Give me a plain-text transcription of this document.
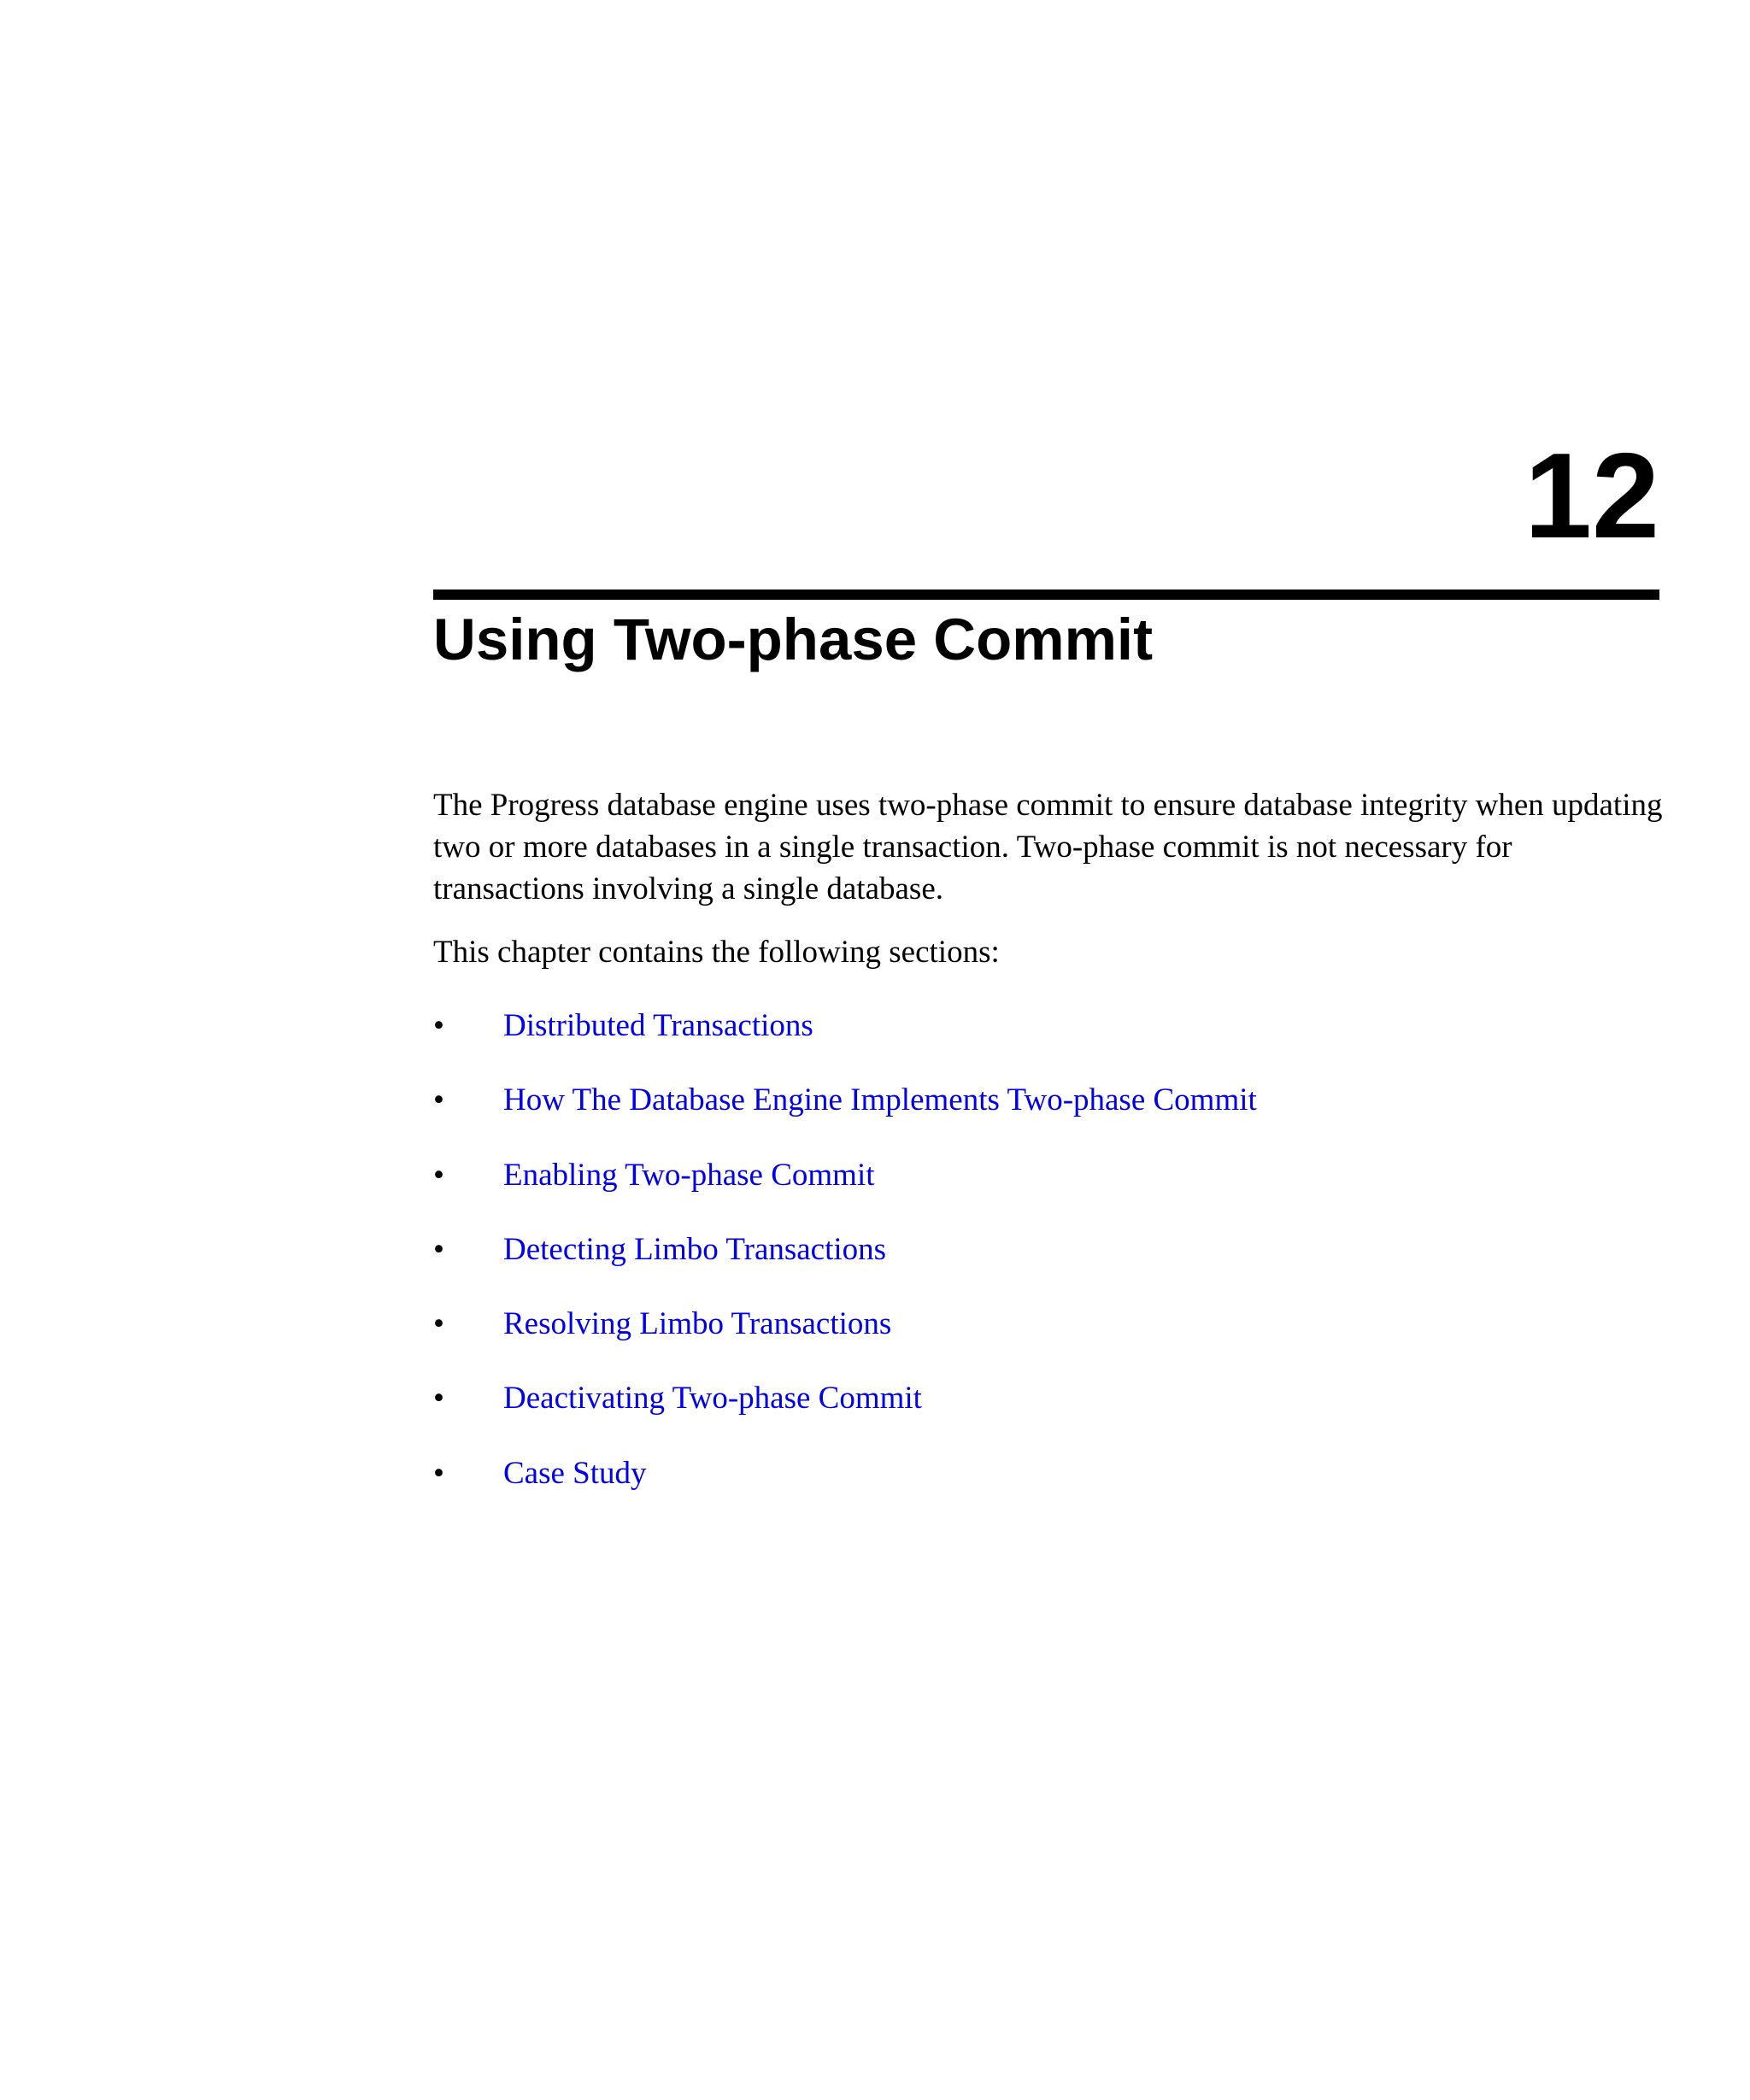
12
Using Two-phase Commit

The Progress database engine uses two-phase commit to ensure database integrity when updating two or more databases in a single transaction. Two-phase commit is not necessary for transactions involving a single database.

This chapter contains the following sections:

•	Distributed Transactions
•	How The Database Engine Implements Two-phase Commit
•	Enabling Two-phase Commit
•	Detecting Limbo Transactions
•	Resolving Limbo Transactions
•	Deactivating Two-phase Commit
•	Case Study
